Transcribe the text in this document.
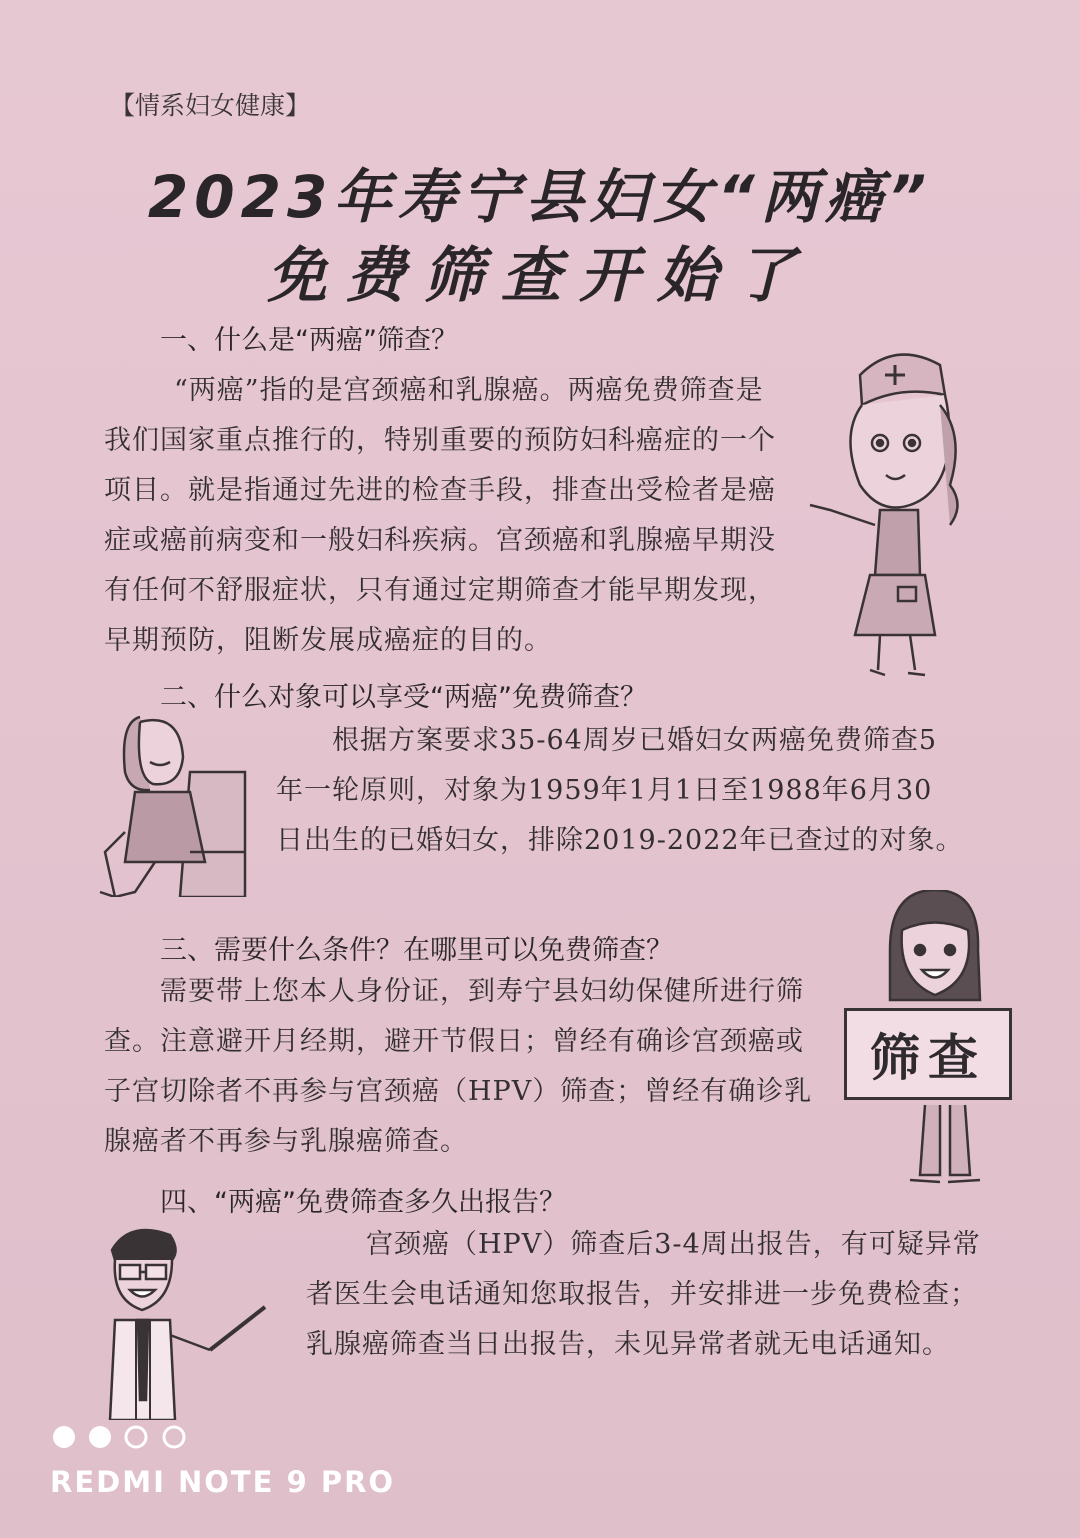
【情系妇女健康】
2023年寿宁县妇女“两癌”
免费筛查开始了
一、什么是“两癌”筛查？
“两癌”指的是宫颈癌和乳腺癌。两癌免费筛查是
我们国家重点推行的，特别重要的预防妇科癌症的一个
项目。就是指通过先进的检查手段，排查出受检者是癌
症或癌前病变和一般妇科疾病。宫颈癌和乳腺癌早期没
有任何不舒服症状，只有通过定期筛查才能早期发现，
早期预防，阻断发展成癌症的目的。
二、什么对象可以享受“两癌”免费筛查？
根据方案要求35-64周岁已婚妇女两癌免费筛查5
年一轮原则，对象为1959年1月1日至1988年6月30
日出生的已婚妇女，排除2019-2022年已查过的对象。
三、需要什么条件？在哪里可以免费筛查？
需要带上您本人身份证，到寿宁县妇幼保健所进行筛
查。注意避开月经期，避开节假日；曾经有确诊宫颈癌或
子宫切除者不再参与宫颈癌（HPV）筛查；曾经有确诊乳
腺癌者不再参与乳腺癌筛查。
筛查
四、“两癌”免费筛查多久出报告？
宫颈癌（HPV）筛查后3-4周出报告，有可疑异常
者医生会电话通知您取报告，并安排进一步免费检查；
乳腺癌筛查当日出报告，未见异常者就无电话通知。
REDMI NOTE 9 PRO
